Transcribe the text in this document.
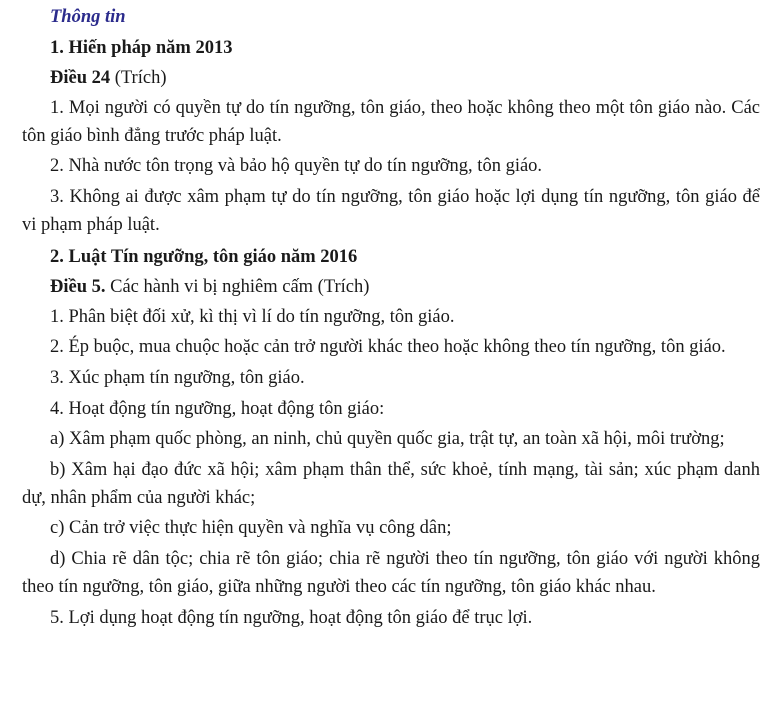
Thông tin
1. Hiến pháp năm 2013
Điều 24 (Trích)
1. Mọi người có quyền tự do tín ngưỡng, tôn giáo, theo hoặc không theo một tôn giáo nào. Các tôn giáo bình đẳng trước pháp luật.
2. Nhà nước tôn trọng và bảo hộ quyền tự do tín ngưỡng, tôn giáo.
3. Không ai được xâm phạm tự do tín ngưỡng, tôn giáo hoặc lợi dụng tín ngưỡng, tôn giáo để vi phạm pháp luật.
2. Luật Tín ngưỡng, tôn giáo năm 2016
Điều 5. Các hành vi bị nghiêm cấm (Trích)
1. Phân biệt đối xử, kì thị vì lí do tín ngưỡng, tôn giáo.
2. Ép buộc, mua chuộc hoặc cản trở người khác theo hoặc không theo tín ngưỡng, tôn giáo.
3. Xúc phạm tín ngưỡng, tôn giáo.
4. Hoạt động tín ngưỡng, hoạt động tôn giáo:
a) Xâm phạm quốc phòng, an ninh, chủ quyền quốc gia, trật tự, an toàn xã hội, môi trường;
b) Xâm hại đạo đức xã hội; xâm phạm thân thể, sức khoẻ, tính mạng, tài sản; xúc phạm danh dự, nhân phẩm của người khác;
c) Cản trở việc thực hiện quyền và nghĩa vụ công dân;
d) Chia rẽ dân tộc; chia rẽ tôn giáo; chia rẽ người theo tín ngưỡng, tôn giáo với người không theo tín ngưỡng, tôn giáo, giữa những người theo các tín ngưỡng, tôn giáo khác nhau.
5. Lợi dụng hoạt động tín ngưỡng, hoạt động tôn giáo để trục lợi.
